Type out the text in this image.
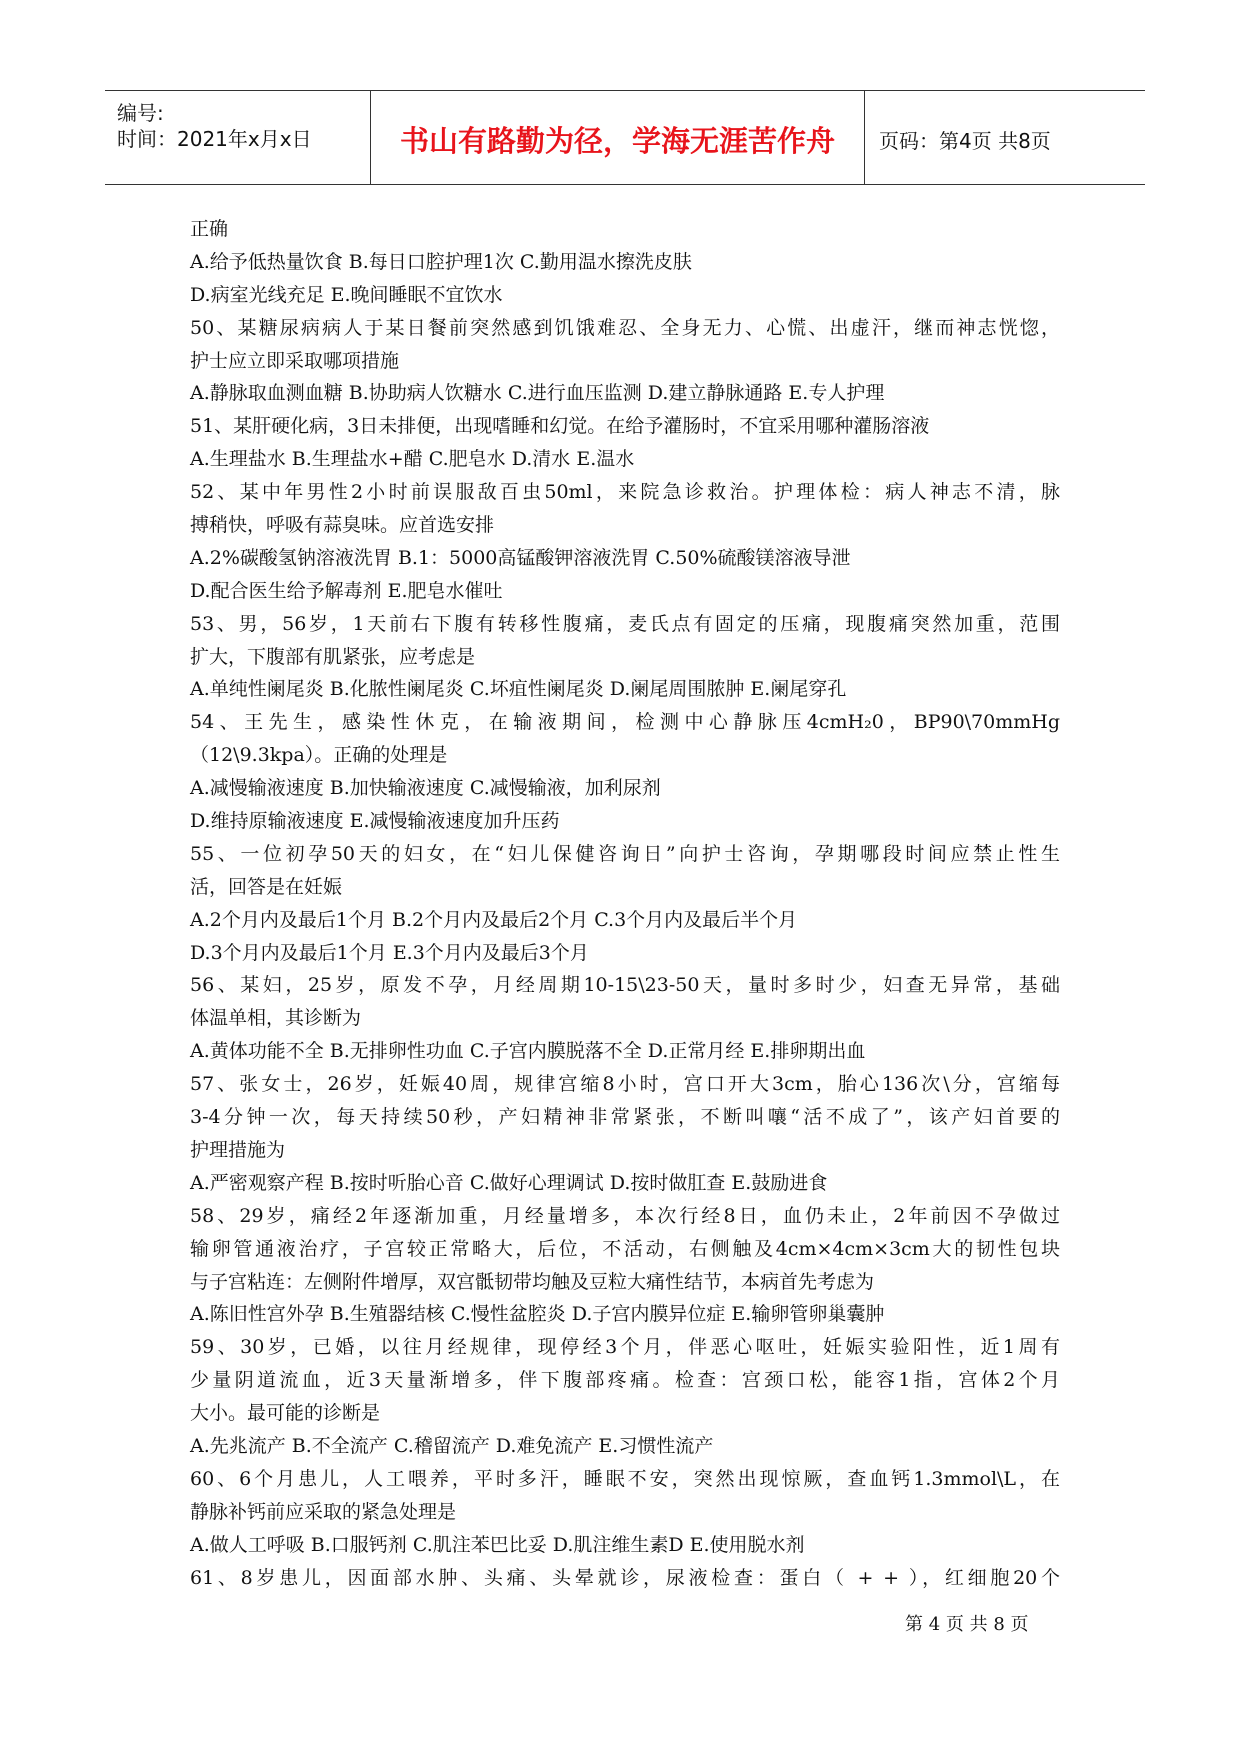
编号:
时间：2021年x月x日	书山有路勤为径，学海无涯苦作舟	页码：第4页 共8页
正确
A.给予低热量饮食 B.每日口腔护理1次 C.勤用温水擦洗皮肤
D.病室光线充足 E.晚间睡眠不宜饮水
50、某糖尿病病人于某日餐前突然感到饥饿难忍、全身无力、心慌、出虚汗，继而神志恍惚，
护士应立即采取哪项措施
A.静脉取血测血糖 B.协助病人饮糖水 C.进行血压监测 D.建立静脉通路 E.专人护理
51、某肝硬化病，3日未排便，出现嗜睡和幻觉。在给予灌肠时，不宜采用哪种灌肠溶液
A.生理盐水 B.生理盐水+醋 C.肥皂水 D.清水 E.温水
52、某中年男性2小时前误服敌百虫50ml，来院急诊救治。护理体检：病人神志不清，脉
搏稍快，呼吸有蒜臭味。应首选安排
A.2%碳酸氢钠溶液洗胃 B.1：5000高锰酸钾溶液洗胃 C.50%硫酸镁溶液导泄
D.配合医生给予解毒剂 E.肥皂水催吐
53、男，56岁，1天前右下腹有转移性腹痛，麦氏点有固定的压痛，现腹痛突然加重，范围
扩大，下腹部有肌紧张，应考虑是
A.单纯性阑尾炎 B.化脓性阑尾炎 C.坏疽性阑尾炎 D.阑尾周围脓肿 E.阑尾穿孔
54、王先生，感染性休克，在输液期间，检测中心静脉压4cmH₂0，BP90\70mmHg
（12\9.3kpa）。正确的处理是
A.减慢输液速度 B.加快输液速度 C.减慢输液，加利尿剂
D.维持原输液速度 E.减慢输液速度加升压药
55、一位初孕50天的妇女，在“妇儿保健咨询日”向护士咨询，孕期哪段时间应禁止性生
活，回答是在妊娠
A.2个月内及最后1个月 B.2个月内及最后2个月 C.3个月内及最后半个月
D.3个月内及最后1个月 E.3个月内及最后3个月
56、某妇，25岁，原发不孕，月经周期10-15\23-50天，量时多时少，妇查无异常，基础
体温单相，其诊断为
A.黄体功能不全 B.无排卵性功血 C.子宫内膜脱落不全 D.正常月经 E.排卵期出血
57、张女士，26岁，妊娠40周，规律宫缩8小时，宫口开大3cm，胎心136次\分，宫缩每
3-4分钟一次，每天持续50秒，产妇精神非常紧张，不断叫嚷“活不成了”，该产妇首要的
护理措施为
A.严密观察产程 B.按时听胎心音 C.做好心理调试 D.按时做肛查 E.鼓励进食
58、29岁，痛经2年逐渐加重，月经量增多，本次行经8日，血仍未止，2年前因不孕做过
输卵管通液治疗，子宫较正常略大，后位，不活动，右侧触及4cm×4cm×3cm大的韧性包块
与子宫粘连：左侧附件增厚，双宫骶韧带均触及豆粒大痛性结节，本病首先考虑为
A.陈旧性宫外孕 B.生殖器结核 C.慢性盆腔炎 D.子宫内膜异位症 E.输卵管卵巢囊肿
59、30岁，已婚，以往月经规律，现停经3个月，伴恶心呕吐，妊娠实验阳性，近1周有
少量阴道流血，近3天量渐增多，伴下腹部疼痛。检查：宫颈口松，能容1指，宫体2个月
大小。最可能的诊断是
A.先兆流产 B.不全流产 C.稽留流产 D.难免流产 E.习惯性流产
60、6个月患儿，人工喂养，平时多汗，睡眠不安，突然出现惊厥，查血钙1.3mmol\L，在
静脉补钙前应采取的紧急处理是
A.做人工呼吸 B.口服钙剂 C.肌注苯巴比妥 D.肌注维生素D E.使用脱水剂
61、8岁患儿，因面部水肿、头痛、头晕就诊，尿液检查：蛋白（ + + ），红细胞20个
第 4 页 共 8 页
